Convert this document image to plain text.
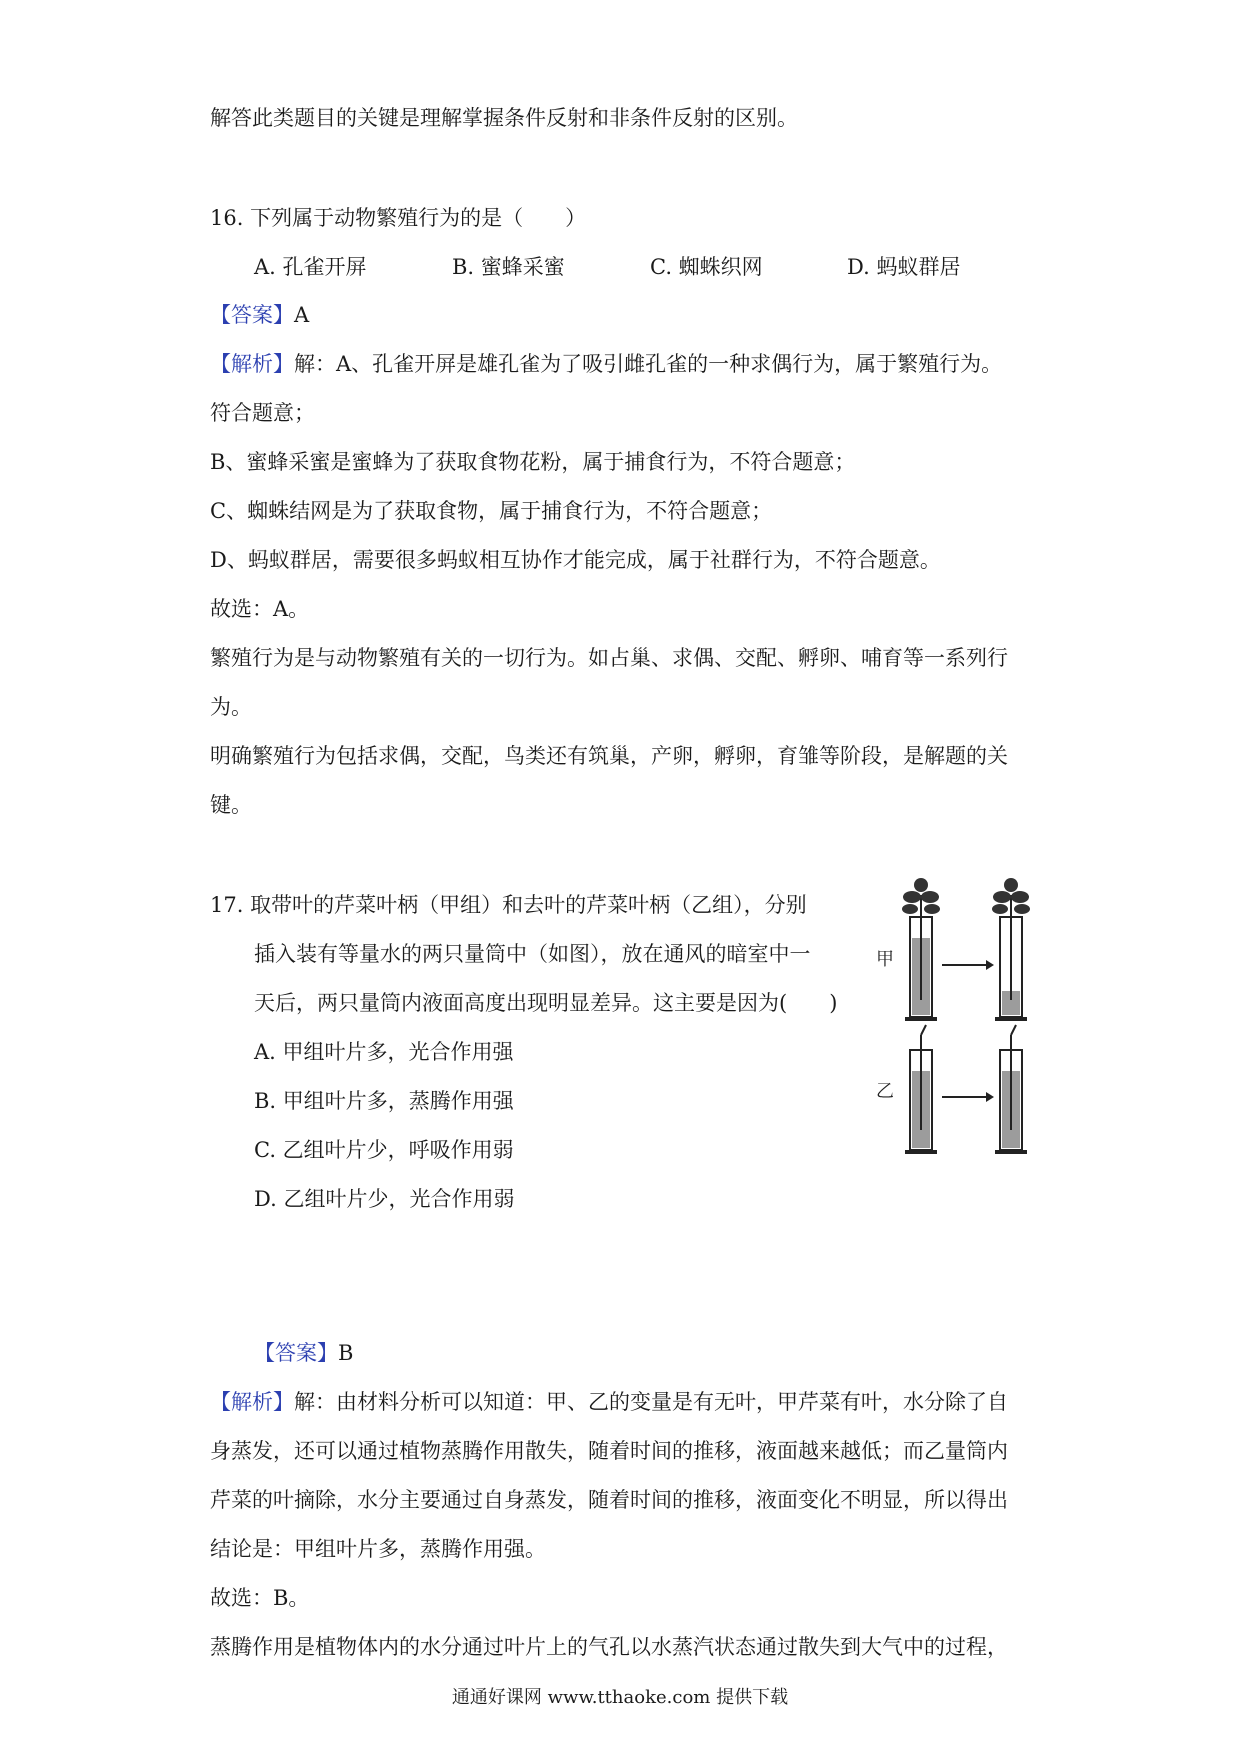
解答此类题目的关键是理解掌握条件反射和非条件反射的区别。
16. 下列属于动物繁殖行为的是（　　）
A. 孔雀开屏	B. 蜜蜂采蜜	C. 蜘蛛织网	D. 蚂蚁群居
【答案】A
【解析】解：A、孔雀开屏是雄孔雀为了吸引雌孔雀的一种求偶行为，属于繁殖行为。
符合题意；
B、蜜蜂采蜜是蜜蜂为了获取食物花粉，属于捕食行为，不符合题意；
C、蜘蛛结网是为了获取食物，属于捕食行为，不符合题意；
D、蚂蚁群居，需要很多蚂蚁相互协作才能完成，属于社群行为，不符合题意。
故选：A。
繁殖行为是与动物繁殖有关的一切行为。如占巢、求偶、交配、孵卵、哺育等一系列行
为。
明确繁殖行为包括求偶，交配，鸟类还有筑巢，产卵，孵卵，育雏等阶段，是解题的关
键。
17. 取带叶的芹菜叶柄（甲组）和去叶的芹菜叶柄（乙组），分别
插入装有等量水的两只量筒中（如图），放在通风的暗室中一
天后，两只量筒内液面高度出现明显差异。这主要是因为(　　)
A. 甲组叶片多，光合作用强
B. 甲组叶片多，蒸腾作用强
C. 乙组叶片少，呼吸作用弱
D. 乙组叶片少，光合作用弱
甲
乙
【答案】B
【解析】解：由材料分析可以知道：甲、乙的变量是有无叶，甲芹菜有叶，水分除了自
身蒸发，还可以通过植物蒸腾作用散失，随着时间的推移，液面越来越低；而乙量筒内
芹菜的叶摘除，水分主要通过自身蒸发，随着时间的推移，液面变化不明显，所以得出
结论是：甲组叶片多，蒸腾作用强。
故选：B。
蒸腾作用是植物体内的水分通过叶片上的气孔以水蒸汽状态通过散失到大气中的过程，
通通好课网 www.tthaoke.com 提供下载
